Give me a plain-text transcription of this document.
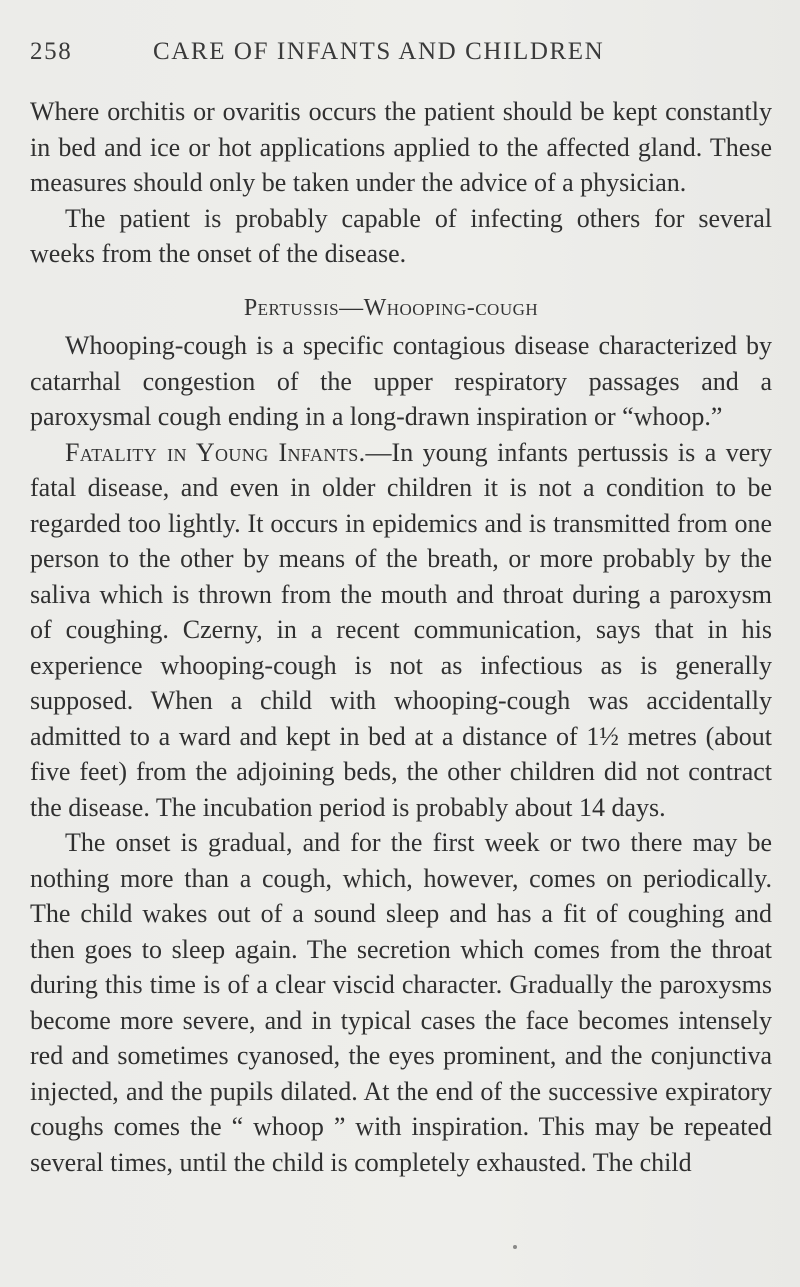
258	CARE OF INFANTS AND CHILDREN

Where orchitis or ovaritis occurs the patient should be kept constantly in bed and ice or hot applications applied to the affected gland. These measures should only be taken under the advice of a physician.

The patient is probably capable of infecting others for several weeks from the onset of the disease.

Pertussis—Whooping-cough

Whooping-cough is a specific contagious disease characterized by catarrhal congestion of the upper respiratory passages and a paroxysmal cough ending in a long-drawn inspiration or “whoop.”

Fatality in Young Infants.—In young infants pertussis is a very fatal disease, and even in older children it is not a condition to be regarded too lightly. It occurs in epidemics and is transmitted from one person to the other by means of the breath, or more probably by the saliva which is thrown from the mouth and throat during a paroxysm of coughing. Czerny, in a recent communication, says that in his experience whooping-cough is not as infectious as is generally supposed. When a child with whooping-cough was accidentally admitted to a ward and kept in bed at a distance of 1½ metres (about five feet) from the adjoining beds, the other children did not contract the disease. The incubation period is probably about 14 days.

The onset is gradual, and for the first week or two there may be nothing more than a cough, which, however, comes on periodically. The child wakes out of a sound sleep and has a fit of coughing and then goes to sleep again. The secretion which comes from the throat during this time is of a clear viscid character. Gradually the paroxysms become more severe, and in typical cases the face becomes intensely red and sometimes cyanosed, the eyes prominent, and the conjunctiva injected, and the pupils dilated. At the end of the successive expiratory coughs comes the “ whoop ” with inspiration. This may be repeated several times, until the child is completely exhausted. The child
